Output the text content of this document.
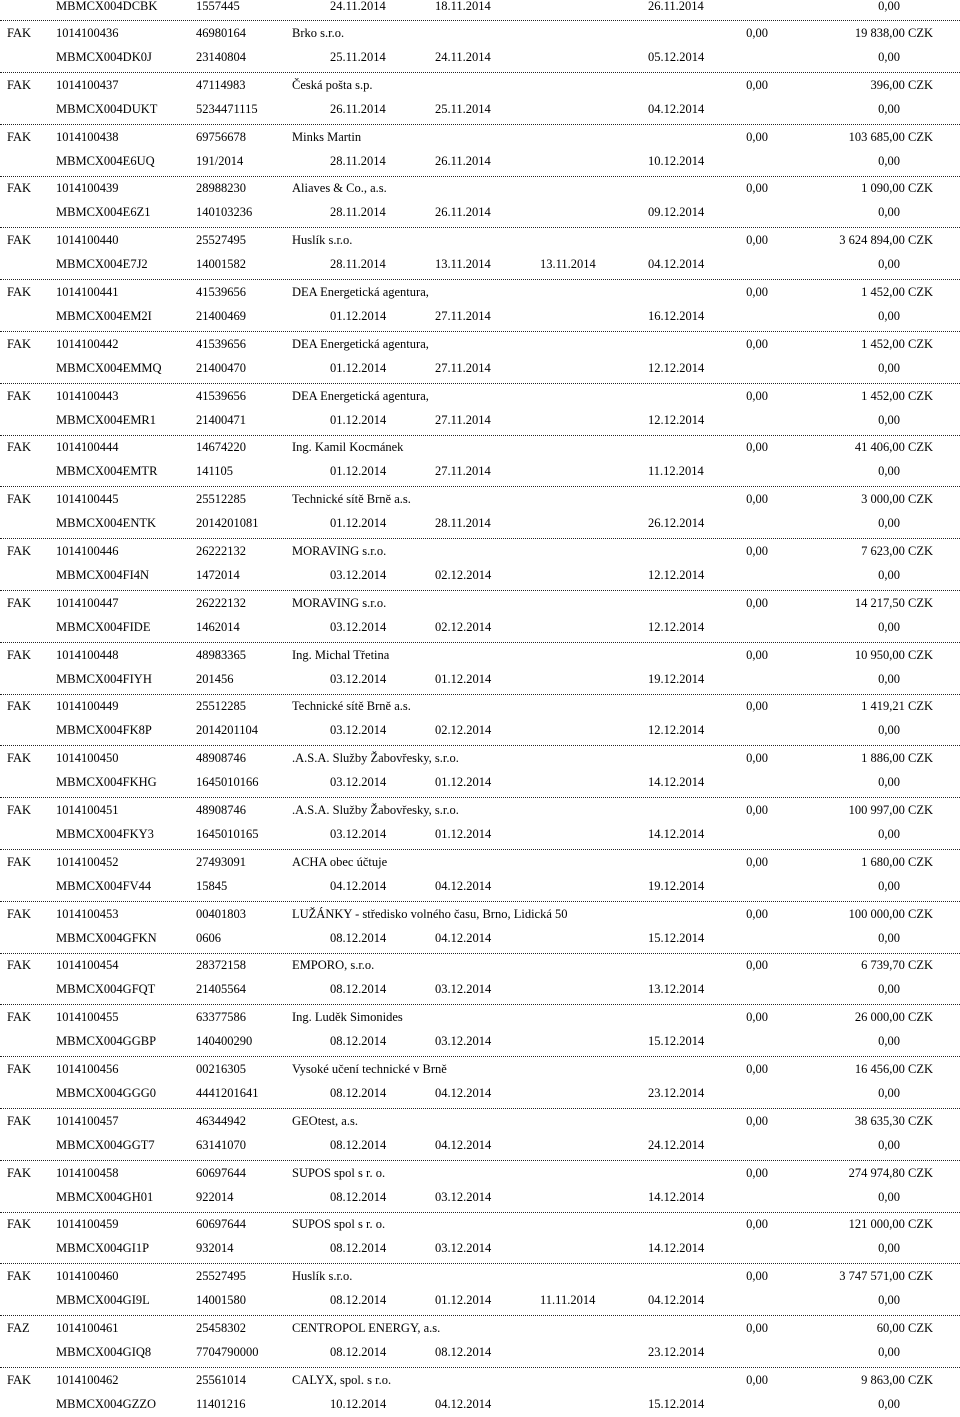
MBMCX004DCBK	1557445	24.11.2014	18.11.2014	26.11.2014	0,00
FAK 1014100436	46980164	Brko s.r.o.	0,00	19 838,00 CZK
MBMCX004DK0J	23140804	25.11.2014	24.11.2014	05.12.2014	0,00
FAK 1014100437	47114983	Česká pošta s.p.	0,00	396,00 CZK
MBMCX004DUKT	5234471115	26.11.2014	25.11.2014	04.12.2014	0,00
FAK 1014100438	69756678	Minks Martin	0,00	103 685,00 CZK
MBMCX004E6UQ	191/2014	28.11.2014	26.11.2014	10.12.2014	0,00
FAK 1014100439	28988230	Aliaves & Co., a.s.	0,00	1 090,00 CZK
MBMCX004E6Z1	140103236	28.11.2014	26.11.2014	09.12.2014	0,00
FAK 1014100440	25527495	Huslík s.r.o.	0,00	3 624 894,00 CZK
MBMCX004E7J2	14001582	28.11.2014	13.11.2014	13.11.2014	04.12.2014	0,00
FAK 1014100441	41539656	DEA Energetická agentura,	0,00	1 452,00 CZK
MBMCX004EM2I	21400469	01.12.2014	27.11.2014	16.12.2014	0,00
FAK 1014100442	41539656	DEA Energetická agentura,	0,00	1 452,00 CZK
MBMCX004EMMQ	21400470	01.12.2014	27.11.2014	12.12.2014	0,00
FAK 1014100443	41539656	DEA Energetická agentura,	0,00	1 452,00 CZK
MBMCX004EMR1	21400471	01.12.2014	27.11.2014	12.12.2014	0,00
FAK 1014100444	14674220	Ing. Kamil Kocmánek	0,00	41 406,00 CZK
MBMCX004EMTR	141105	01.12.2014	27.11.2014	11.12.2014	0,00
FAK 1014100445	25512285	Technické sítě Brně a.s.	0,00	3 000,00 CZK
MBMCX004ENTK	2014201081	01.12.2014	28.11.2014	26.12.2014	0,00
FAK 1014100446	26222132	MORAVING s.r.o.	0,00	7 623,00 CZK
MBMCX004FI4N	1472014	03.12.2014	02.12.2014	12.12.2014	0,00
FAK 1014100447	26222132	MORAVING s.r.o.	0,00	14 217,50 CZK
MBMCX004FIDE	1462014	03.12.2014	02.12.2014	12.12.2014	0,00
FAK 1014100448	48983365	Ing. Michal Třetina	0,00	10 950,00 CZK
MBMCX004FIYH	201456	03.12.2014	01.12.2014	19.12.2014	0,00
FAK 1014100449	25512285	Technické sítě Brně a.s.	0,00	1 419,21 CZK
MBMCX004FK8P	2014201104	03.12.2014	02.12.2014	12.12.2014	0,00
FAK 1014100450	48908746	.A.S.A. Služby Žabovřesky, s.r.o.	0,00	1 886,00 CZK
MBMCX004FKHG	1645010166	03.12.2014	01.12.2014	14.12.2014	0,00
FAK 1014100451	48908746	.A.S.A. Služby Žabovřesky, s.r.o.	0,00	100 997,00 CZK
MBMCX004FKY3	1645010165	03.12.2014	01.12.2014	14.12.2014	0,00
FAK 1014100452	27493091	ACHA obec účtuje	0,00	1 680,00 CZK
MBMCX004FV44	15845	04.12.2014	04.12.2014	19.12.2014	0,00
FAK 1014100453	00401803	LUŽÁNKY - středisko volného času, Brno, Lidická 50	0,00	100 000,00 CZK
MBMCX004GFKN	0606	08.12.2014	04.12.2014	15.12.2014	0,00
FAK 1014100454	28372158	EMPORO, s.r.o.	0,00	6 739,70 CZK
MBMCX004GFQT	21405564	08.12.2014	03.12.2014	13.12.2014	0,00
FAK 1014100455	63377586	Ing. Luděk Simonides	0,00	26 000,00 CZK
MBMCX004GGBP	140400290	08.12.2014	03.12.2014	15.12.2014	0,00
FAK 1014100456	00216305	Vysoké učení technické v Brně	0,00	16 456,00 CZK
MBMCX004GGG0	4441201641	08.12.2014	04.12.2014	23.12.2014	0,00
FAK 1014100457	46344942	GEOtest, a.s.	0,00	38 635,30 CZK
MBMCX004GGT7	63141070	08.12.2014	04.12.2014	24.12.2014	0,00
FAK 1014100458	60697644	SUPOS spol s r. o.	0,00	274 974,80 CZK
MBMCX004GH01	922014	08.12.2014	03.12.2014	14.12.2014	0,00
FAK 1014100459	60697644	SUPOS spol s r. o.	0,00	121 000,00 CZK
MBMCX004GI1P	932014	08.12.2014	03.12.2014	14.12.2014	0,00
FAK 1014100460	25527495	Huslík s.r.o.	0,00	3 747 571,00 CZK
MBMCX004GI9L	14001580	08.12.2014	01.12.2014	11.11.2014	04.12.2014	0,00
FAZ 1014100461	25458302	CENTROPOL ENERGY, a.s.	0,00	60,00 CZK
MBMCX004GIQ8	7704790000	08.12.2014	08.12.2014	23.12.2014	0,00
FAK 1014100462	25561014	CALYX, spol. s r.o.	0,00	9 863,00 CZK
MBMCX004GZZO	11401216	10.12.2014	04.12.2014	15.12.2014	0,00
